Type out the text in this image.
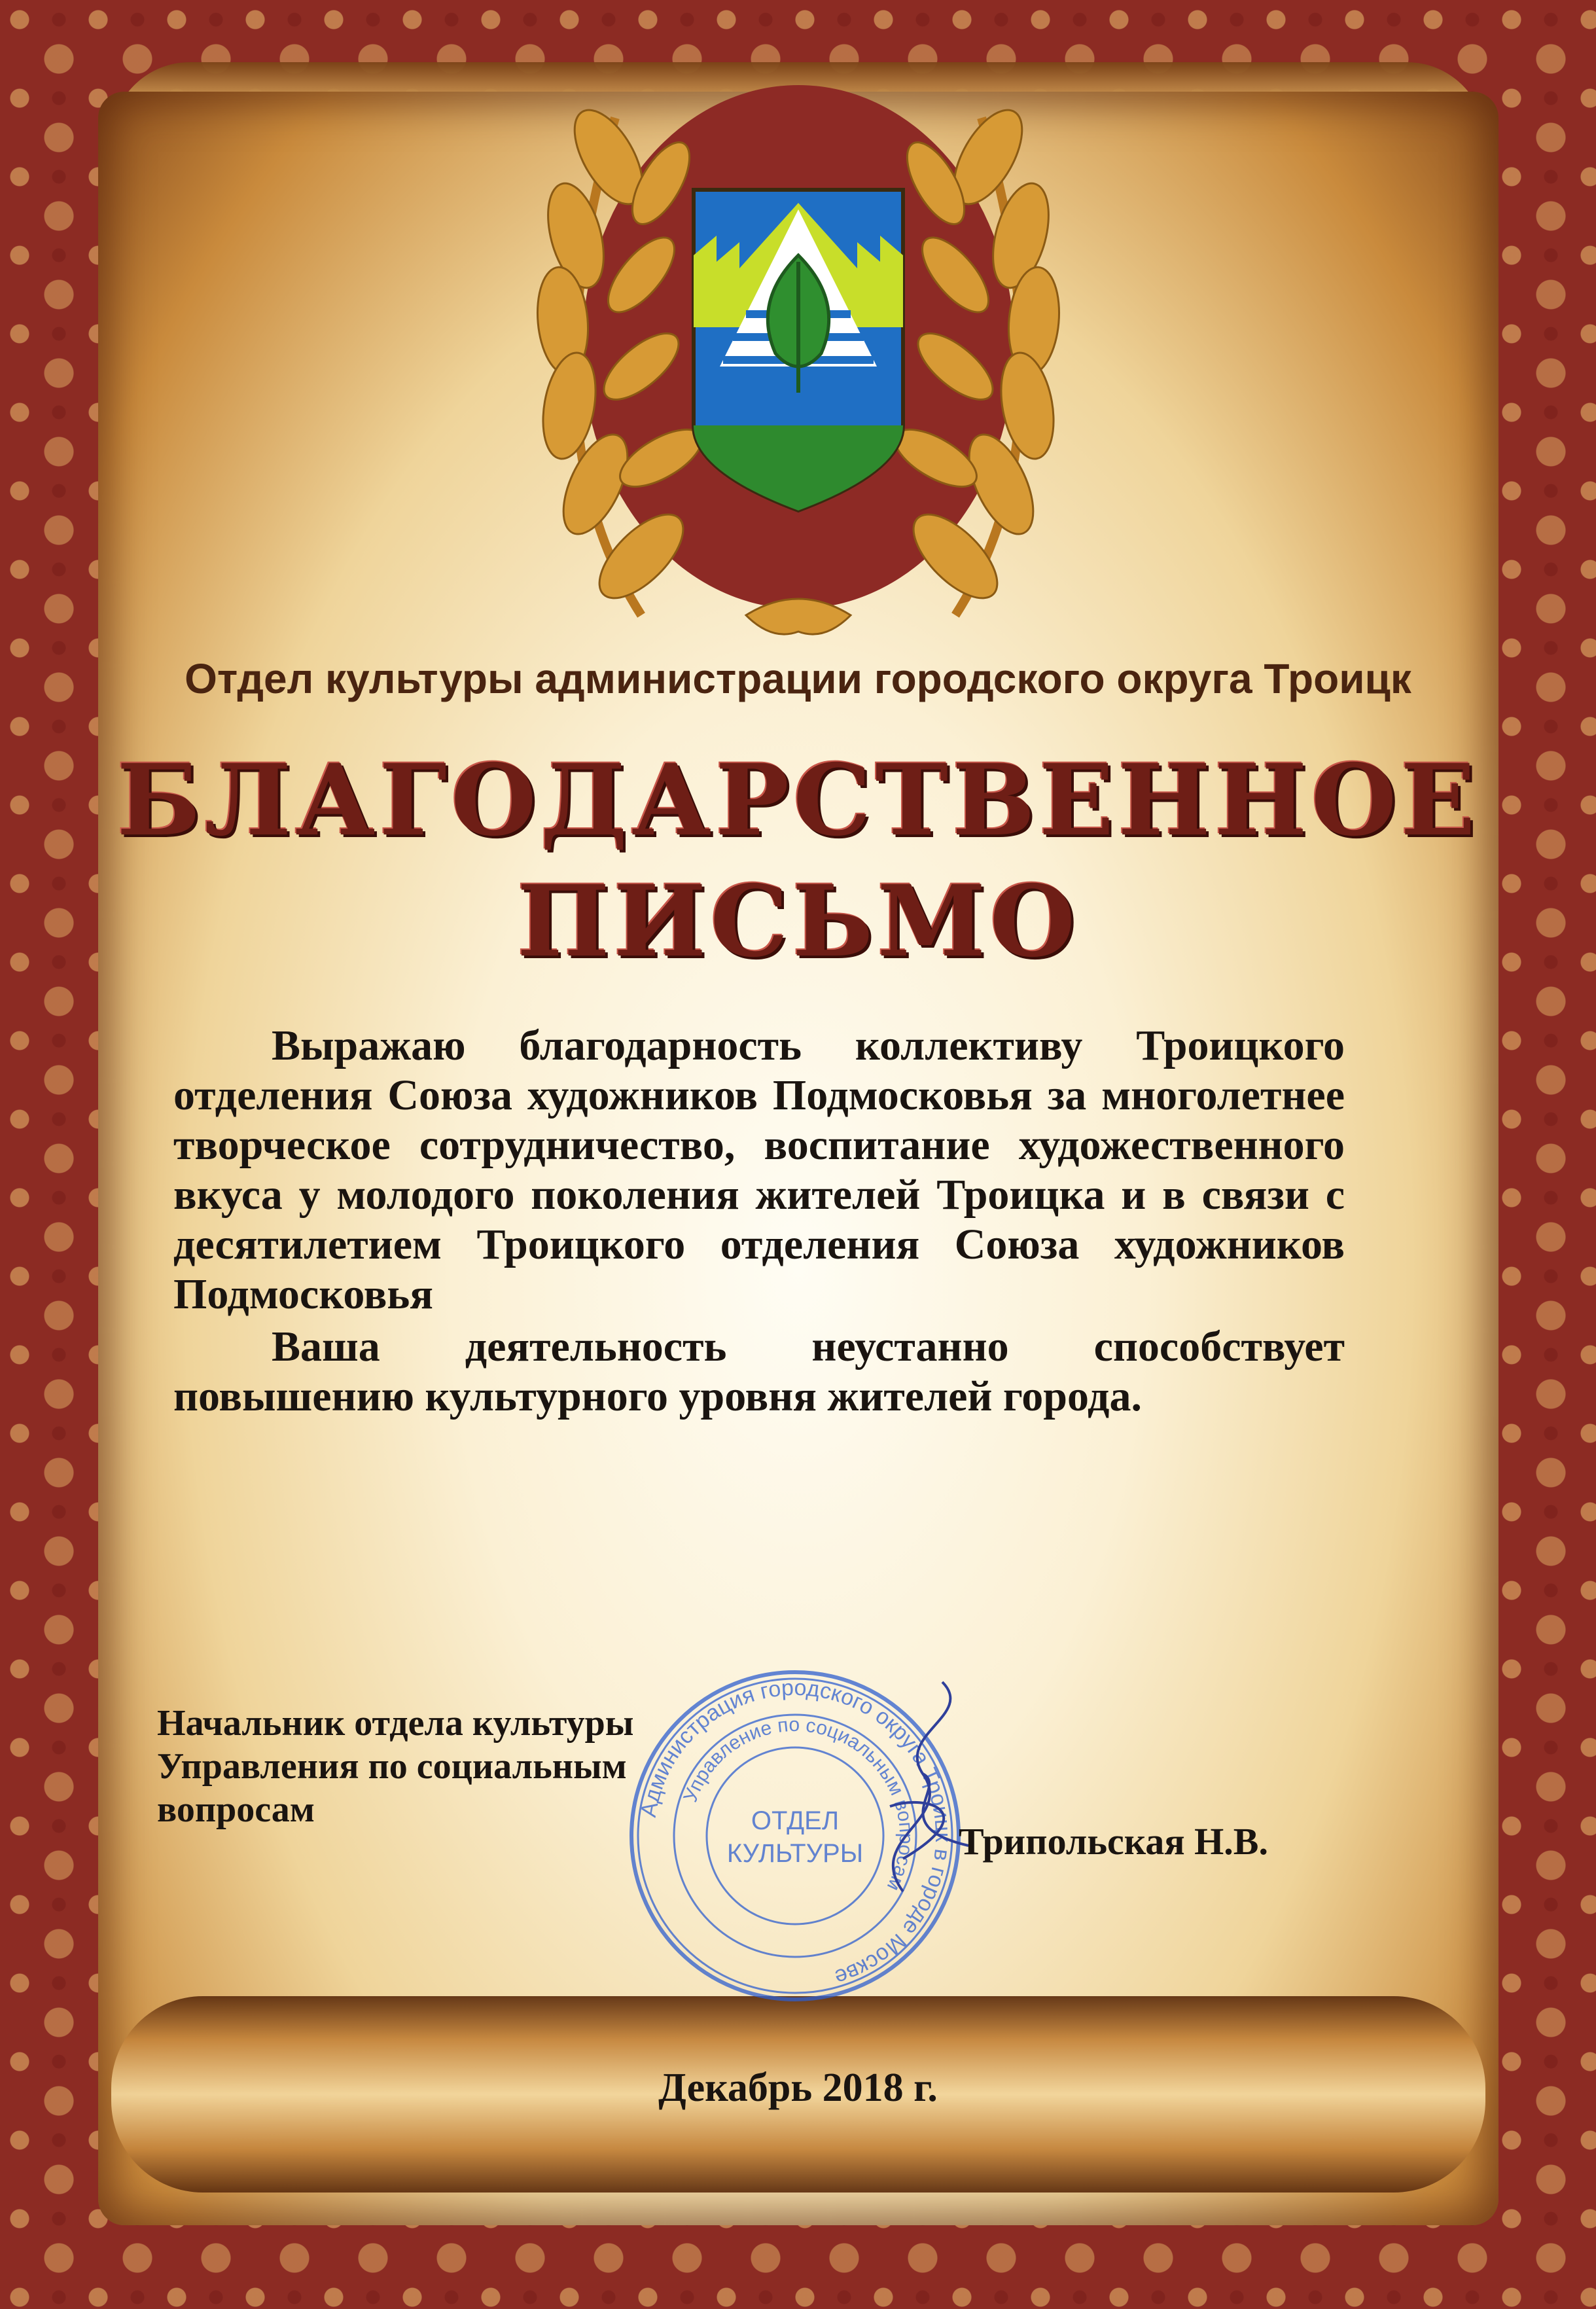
Отдел культуры администрации городского округа Троицк
БЛАГОДАРСТВЕННОЕ
ПИСЬМО
Выражаю благодарность коллективу Троицкого отделения Союза художников Подмосковья за многолетнее творческое сотрудничество, воспитание художественного вкуса у молодого поколения жителей Троицка и в связи с десятилетием Троицкого отделения Союза художников Подмосковья
Ваша деятельность неустанно способствует повышению культурного уровня жителей города.
Начальник отдела культуры
Управления по социальным
вопросам	Администрация городского округа Троицк в городе Москве
Управление по социальным вопросам
ОТДЕЛ
КУЛЬТУРЫ	Трипольская Н.В.
Декабрь 2018 г.
